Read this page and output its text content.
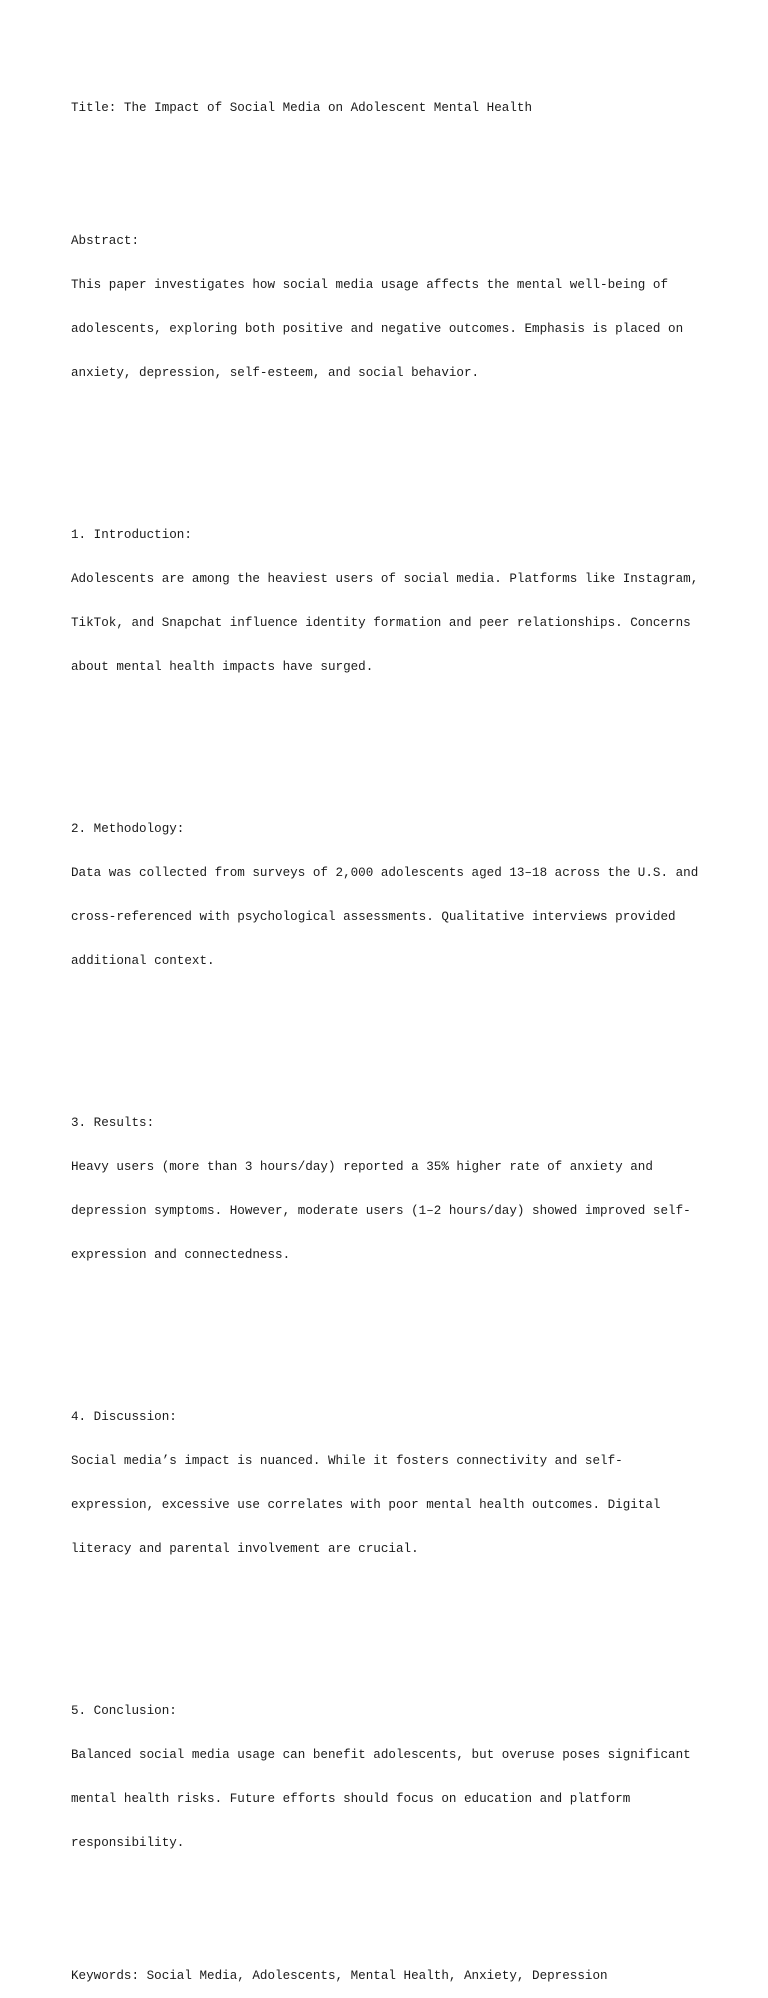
Title: The Impact of Social Media on Adolescent Mental Health

Abstract:

This paper investigates how social media usage affects the mental well-being of

adolescents, exploring both positive and negative outcomes. Emphasis is placed on

anxiety, depression, self-esteem, and social behavior.

1. Introduction:

Adolescents are among the heaviest users of social media. Platforms like Instagram,

TikTok, and Snapchat influence identity formation and peer relationships. Concerns

about mental health impacts have surged.

2. Methodology:

Data was collected from surveys of 2,000 adolescents aged 13–18 across the U.S. and

cross-referenced with psychological assessments. Qualitative interviews provided

additional context.

3. Results:

Heavy users (more than 3 hours/day) reported a 35% higher rate of anxiety and

depression symptoms. However, moderate users (1–2 hours/day) showed improved self-

expression and connectedness.

4. Discussion:

Social media’s impact is nuanced. While it fosters connectivity and self-

expression, excessive use correlates with poor mental health outcomes. Digital

literacy and parental involvement are crucial.

5. Conclusion:

Balanced social media usage can benefit adolescents, but overuse poses significant

mental health risks. Future efforts should focus on education and platform

responsibility.

Keywords: Social Media, Adolescents, Mental Health, Anxiety, Depression
